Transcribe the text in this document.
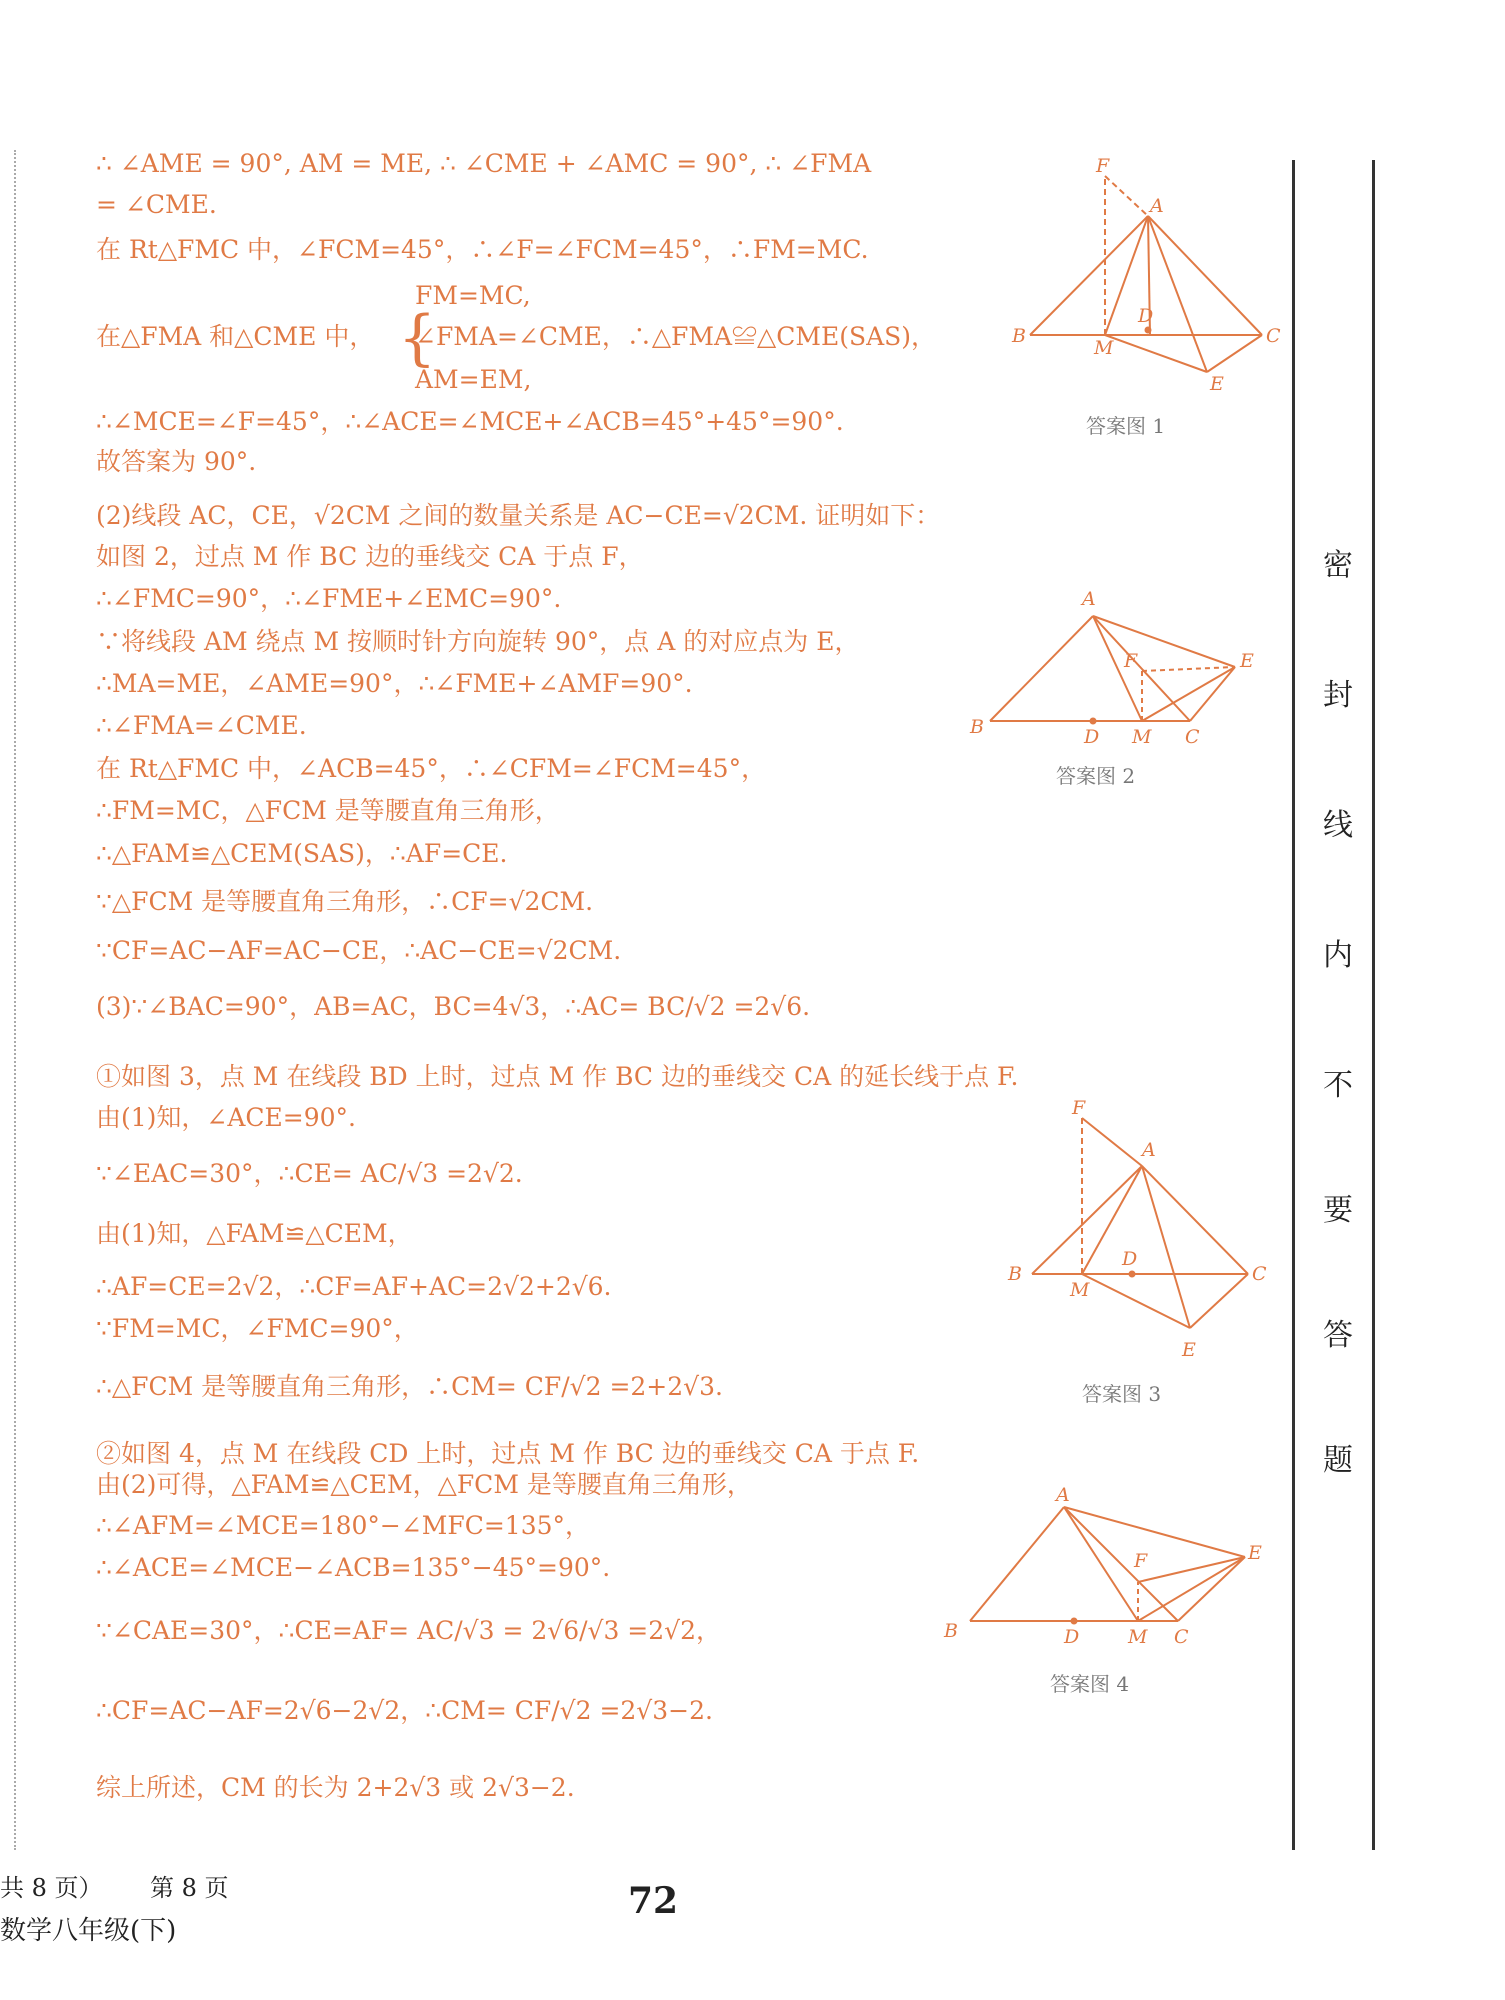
∴ ∠AME = 90°, AM = ME, ∴ ∠CME + ∠AMC = 90°, ∴ ∠FMA
= ∠CME.
在 Rt△FMC 中，∠FCM=45°，∴∠F=∠FCM=45°，∴FM=MC.
FM=MC,
在△FMA 和△CME 中， {
∠FMA=∠CME，∴△FMA≌△CME(SAS)，
AM=EM,
∴∠MCE=∠F=45°，∴∠ACE=∠MCE+∠ACB=45°+45°=90°.
故答案为 90°.
(2)线段 AC，CE，√2CM 之间的数量关系是 AC−CE=√2CM. 证明如下：
如图 2，过点 M 作 BC 边的垂线交 CA 于点 F，
∴∠FMC=90°，∴∠FME+∠EMC=90°.
∵将线段 AM 绕点 M 按顺时针方向旋转 90°，点 A 的对应点为 E，
∴MA=ME，∠AME=90°，∴∠FME+∠AMF=90°.
∴∠FMA=∠CME.
在 Rt△FMC 中，∠ACB=45°，∴∠CFM=∠FCM=45°，
∴FM=MC，△FCM 是等腰直角三角形，
∴△FAM≌△CEM(SAS)，∴AF=CE.
∵△FCM 是等腰直角三角形，∴CF=√2CM.
∵CF=AC−AF=AC−CE，∴AC−CE=√2CM.
(3)∵∠BAC=90°，AB=AC，BC=4√3，∴AC= BC/√2 =2√6.
①如图 3，点 M 在线段 BD 上时，过点 M 作 BC 边的垂线交 CA 的延长线于点 F.
由(1)知，∠ACE=90°.
∵∠EAC=30°，∴CE= AC/√3 =2√2.
由(1)知，△FAM≌△CEM，
∴AF=CE=2√2，∴CF=AF+AC=2√2+2√6.
∵FM=MC，∠FMC=90°，
∴△FCM 是等腰直角三角形，∴CM= CF/√2 =2+2√3.
②如图 4，点 M 在线段 CD 上时，过点 M 作 BC 边的垂线交 CA 于点 F.
由(2)可得，△FAM≌△CEM，△FCM 是等腰直角三角形，
∴∠AFM=∠MCE=180°−∠MFC=135°，
∴∠ACE=∠MCE−∠ACB=135°−45°=90°.
∵∠CAE=30°，∴CE=AF= AC/√3 = 2√6/√3 =2√2，
∴CF=AC−AF=2√6−2√2，∴CM= CF/√2 =2√3−2.
综上所述，CM 的长为 2+2√3 或 2√3−2.
F
A
D
B
M
C
E
答案图 1
A
F	E
B	D M C
答案图 2
F
A
D
B
M
C
E
答案图 3
A
F	E
B	D	M C
答案图 4
密
封
线
内
不
要
答
题
共 8 页） 第 8 页	72
数学八年级(下)
